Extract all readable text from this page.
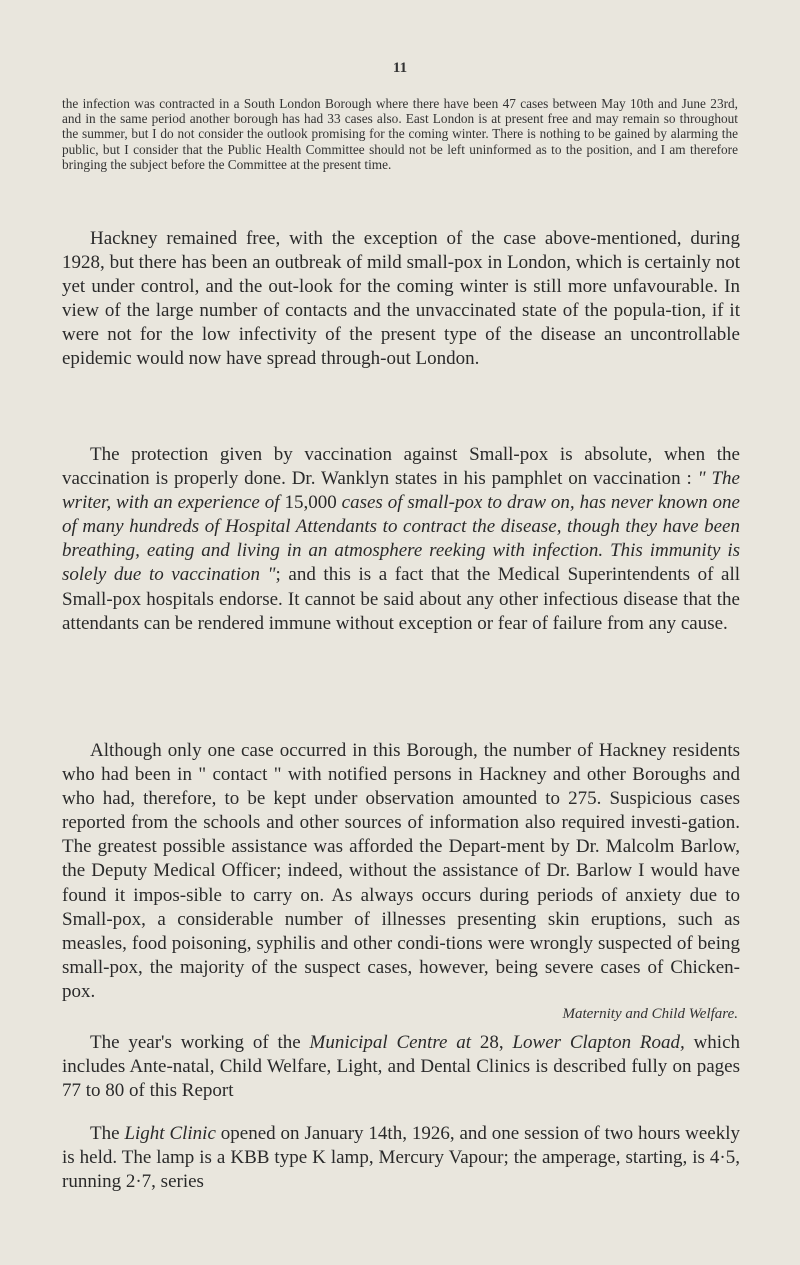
11

the infection was contracted in a South London Borough where there have been 47 cases between May 10th and June 23rd, and in the same period another borough has had 33 cases also. East London is at present free and may remain so throughout the summer, but I do not consider the outlook promising for the coming winter. There is nothing to be gained by alarming the public, but I consider that the Public Health Committee should not be left uninformed as to the position, and I am therefore bringing the subject before the Committee at the present time.

Hackney remained free, with the exception of the case above-mentioned, during 1928, but there has been an outbreak of mild small-pox in London, which is certainly not yet under control, and the out-look for the coming winter is still more unfavourable. In view of the large number of contacts and the unvaccinated state of the popula-tion, if it were not for the low infectivity of the present type of the disease an uncontrollable epidemic would now have spread through-out London.

The protection given by vaccination against Small-pox is absolute, when the vaccination is properly done. Dr. Wanklyn states in his pamphlet on vaccination : " The writer, with an experience of 15,000 cases of small-pox to draw on, has never known one of many hundreds of Hospital Attendants to contract the disease, though they have been breathing, eating and living in an atmosphere reeking with infection. This immunity is solely due to vaccination "; and this is a fact that the Medical Superintendents of all Small-pox hospitals endorse. It cannot be said about any other infectious disease that the attendants can be rendered immune without exception or fear of failure from any cause.

Although only one case occurred in this Borough, the number of Hackney residents who had been in " contact " with notified persons in Hackney and other Boroughs and who had, therefore, to be kept under observation amounted to 275. Suspicious cases reported from the schools and other sources of information also required investi-gation. The greatest possible assistance was afforded the Depart-ment by Dr. Malcolm Barlow, the Deputy Medical Officer; indeed, without the assistance of Dr. Barlow I would have found it impos-sible to carry on. As always occurs during periods of anxiety due to Small-pox, a considerable number of illnesses presenting skin eruptions, such as measles, food poisoning, syphilis and other condi-tions were wrongly suspected of being small-pox, the majority of the suspect cases, however, being severe cases of Chicken-pox.

Maternity and Child Welfare.

The year's working of the Municipal Centre at 28, Lower Clapton Road, which includes Ante-natal, Child Welfare, Light, and Dental Clinics is described fully on pages 77 to 80 of this Report

The Light Clinic opened on January 14th, 1926, and one session of two hours weekly is held. The lamp is a KBB type K lamp, Mercury Vapour; the amperage, starting, is 4·5, running 2·7, series
